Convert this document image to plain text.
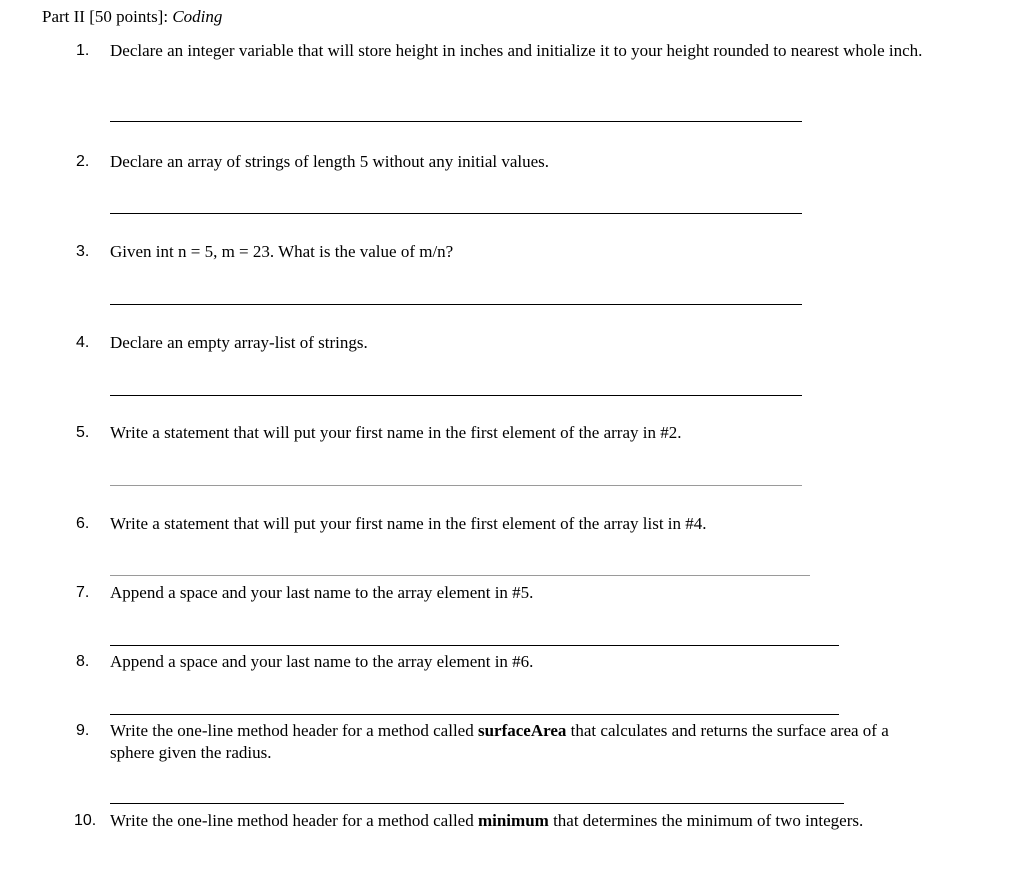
Part II [50 points]: Coding
1. Declare an integer variable that will store height in inches and initialize it to your height rounded to nearest whole inch.
2. Declare an array of strings of length 5 without any initial values.
3. Given int n = 5, m = 23. What is the value of m/n?
4. Declare an empty array-list of strings.
5. Write a statement that will put your first name in the first element of the array in #2.
6. Write a statement that will put your first name in the first element of the array list in #4.
7. Append a space and your last name to the array element in #5.
8. Append a space and your last name to the array element in #6.
9. Write the one-line method header for a method called surfaceArea that calculates and returns the surface area of a sphere given the radius.
10. Write the one-line method header for a method called minimum that determines the minimum of two integers.
